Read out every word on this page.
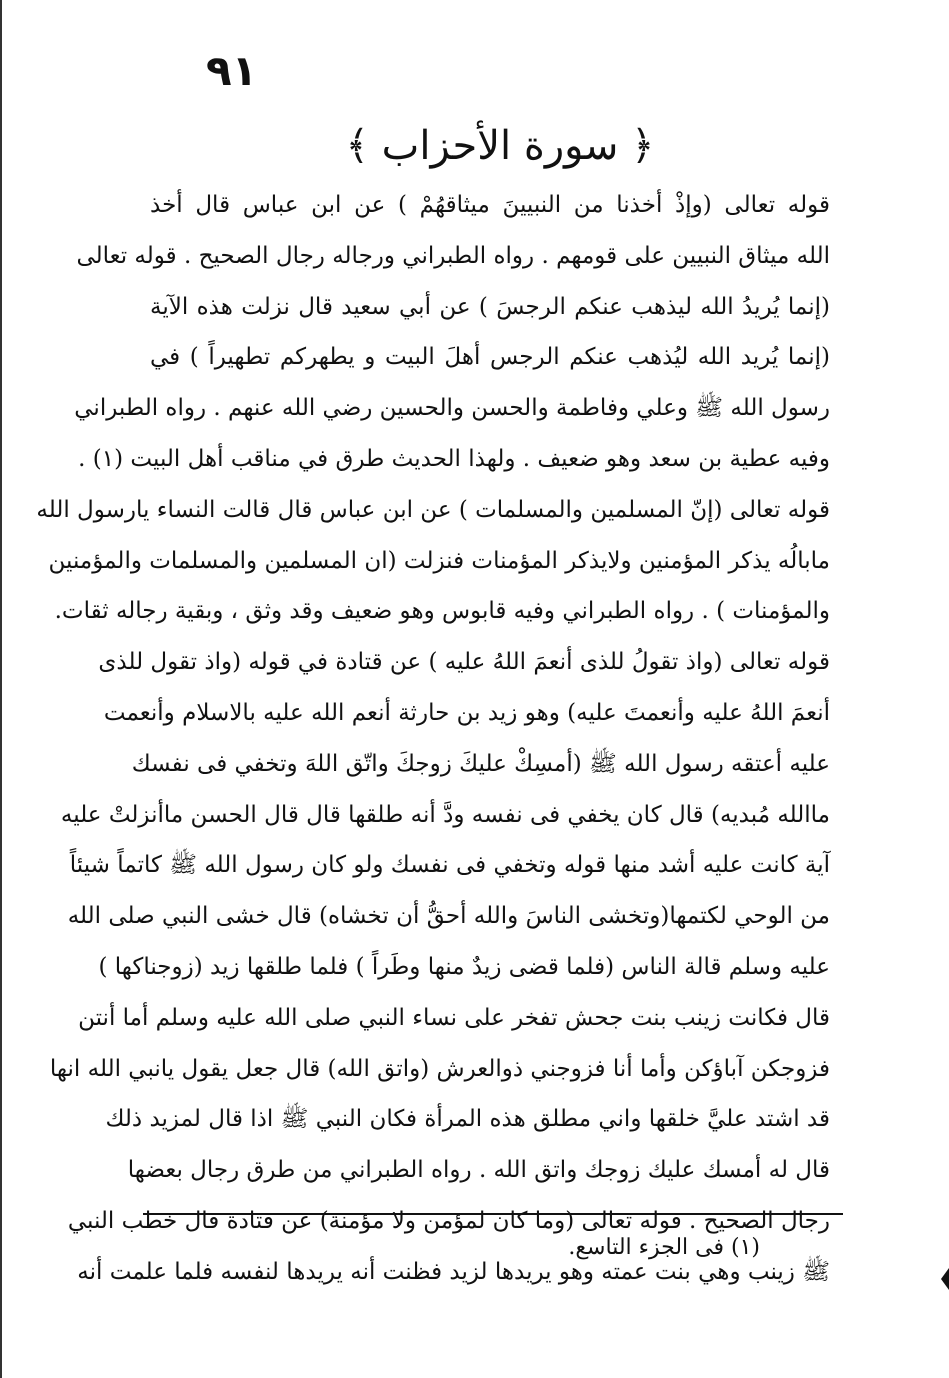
٩١
﴿ سورة الأحزاب ﴾
قوله تعالى (وإذْ أخذنا من النبيينَ ميثاقهُمْ ) عن ابن عباس قال أخذ
الله ميثاق النبيين على قومهم . رواه الطبراني ورجاله رجال الصحيح . قوله تعالى
(إنما يُريدُ الله ليذهب عنكم الرجسَ ) عن أبي سعيد قال نزلت هذه الآية
(إنما يُريد الله ليُذهب عنكم الرجس أهلَ البيت و يطهركم تطهيراً ) في
رسول الله ﷺ وعلي وفاطمة والحسن والحسين رضي الله عنهم . رواه الطبراني
وفيه عطية بن سعد وهو ضعيف . ولهذا الحديث طرق في مناقب أهل البيت (١) .
قوله تعالى (إنّ المسلمين والمسلمات ) عن ابن عباس قال قالت النساء يارسول الله
مابالُه يذكر المؤمنين ولايذكر المؤمنات فنزلت (ان المسلمين والمسلمات والمؤمنين
والمؤمنات ) . رواه الطبراني وفيه قابوس وهو ضعيف وقد وثق ، وبقية رجاله ثقات.
قوله تعالى (واذ تقولُ للذى أنعمَ اللهُ عليه ) عن قتادة في قوله (واذ تقول للذى
أنعمَ اللهُ عليه وأنعمتَ عليه) وهو زيد بن حارثة أنعم الله عليه بالاسلام وأنعمت
عليه أعتقه رسول الله ﷺ (أمسِكْ عليكَ زوجكَ واتّق اللهَ وتخفي فى نفسك
ماالله مُبديه) قال كان يخفي فى نفسه ودَّ أنه طلقها قال قال الحسن ماأنزلتْ عليه
آية كانت عليه أشد منها قوله وتخفي فى نفسك ولو كان رسول الله ﷺ كاتماً شيئاً
من الوحي لكتمها(وتخشى الناسَ والله أحقُّ أن تخشاه) قال خشى النبي صلى الله
عليه وسلم قالة الناس (فلما قضى زيدٌ منها وطَراً ) فلما طلقها زيد (زوجناكها )
قال فكانت زينب بنت جحش تفخر على نساء النبي صلى الله عليه وسلم أما أنتن
فزوجكن آباؤكن وأما أنا فزوجني ذوالعرش (واتق الله) قال جعل يقول يانبي الله انها
قد اشتد عليَّ خلقها واني مطلق هذه المرأة فكان النبي ﷺ اذا قال لمزيد ذلك
قال له أمسك عليك زوجك واتق الله . رواه الطبراني من طرق رجال بعضها
رجال الصحيح . قوله تعالى (وما كان لمؤمن ولا مؤمنة) عن قتادة قال خطب النبي
ﷺ زينب وهي بنت عمته وهو يريدها لزيد فظنت أنه يريدها لنفسه فلما علمت أنه
(١) فى الجزء التاسع.
